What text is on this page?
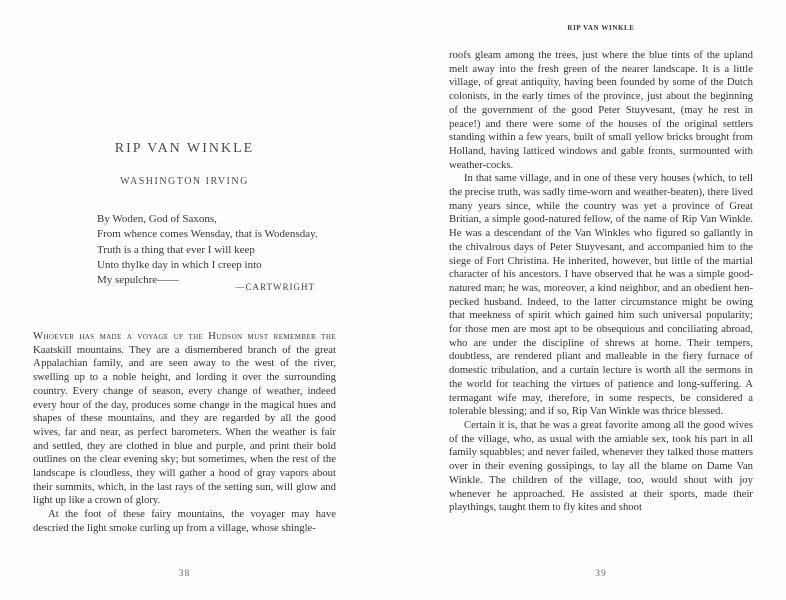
RIP VAN WINKLE
WASHINGTON IRVING
By Woden, God of Saxons,
From whence comes Wensday, that is Wodensday.
Truth is a thing that ever I will keep
Unto thylke day in which I creep into
My sepulchre——
—CARTWRIGHT

Whoever has made a voyage up the Hudson must remember the Kaatskill mountains. They are a dismembered branch of the great Appalachian family, and are seen away to the west of the river, swelling up to a noble height, and lording it over the surrounding country. Every change of season, every change of weather, indeed every hour of the day, produces some change in the magical hues and shapes of these mountains, and they are regarded by all the good wives, far and near, as perfect barometers. When the weather is fair and settled, they are clothed in blue and purple, and print their bold outlines on the clear evening sky; but sometimes, when the rest of the landscape is cloudless, they will gather a hood of gray vapors about their summits, which, in the last rays of the setting sun, will glow and light up like a crown of glory.

At the foot of these fairy mountains, the voyager may have descried the light smoke curling up from a village, whose shingle-

38
RIP VAN WINKLE

roofs gleam among the trees, just where the blue tints of the upland melt away into the fresh green of the nearer landscape. It is a little village, of great antiquity, having been founded by some of the Dutch colonists, in the early times of the province, just about the beginning of the government of the good Peter Stuyvesant, (may he rest in peace!) and there were some of the houses of the original settlers standing within a few years, built of small yellow bricks brought from Holland, having latticed windows and gable fronts, surmounted with weather-cocks.

In that same village, and in one of these very houses (which, to tell the precise truth, was sadly time-worn and weather-beaten), there lived many years since, while the country was yet a province of Great Britian, a simple good-natured fellow, of the name of Rip Van Winkle. He was a descendant of the Van Winkles who figured so gallantly in the chivalrous days of Peter Stuyvesant, and accompanied him to the siege of Fort Christina. He inherited, however, but little of the martial character of his ancestors. I have observed that he was a simple good-natured man; he was, moreover, a kind neighbor, and an obedient hen-pecked husband. Indeed, to the latter circumstance might be owing that meekness of spirit which gained him such universal popularity; for those men are most apt to be obsequious and conciliating abroad, who are under the discipline of shrews at home. Their tempers, doubtless, are rendered pliant and malleable in the fiery furnace of domestic tribulation, and a curtain lecture is worth all the sermons in the world for teaching the virtues of patience and long-suffering. A termagant wife may, therefore, in some respects, be considered a tolerable blessing; and if so, Rip Van Winkle was thrice blessed.

Certain it is, that he was a great favorite among all the good wives of the village, who, as usual with the amiable sex, took his part in all family squabbles; and never failed, whenever they talked those matters over in their evening gossipings, to lay all the blame on Dame Van Winkle. The children of the village, too, would shout with joy whenever he approached. He assisted at their sports, made their playthings, taught them to fly kites and shoot

39
